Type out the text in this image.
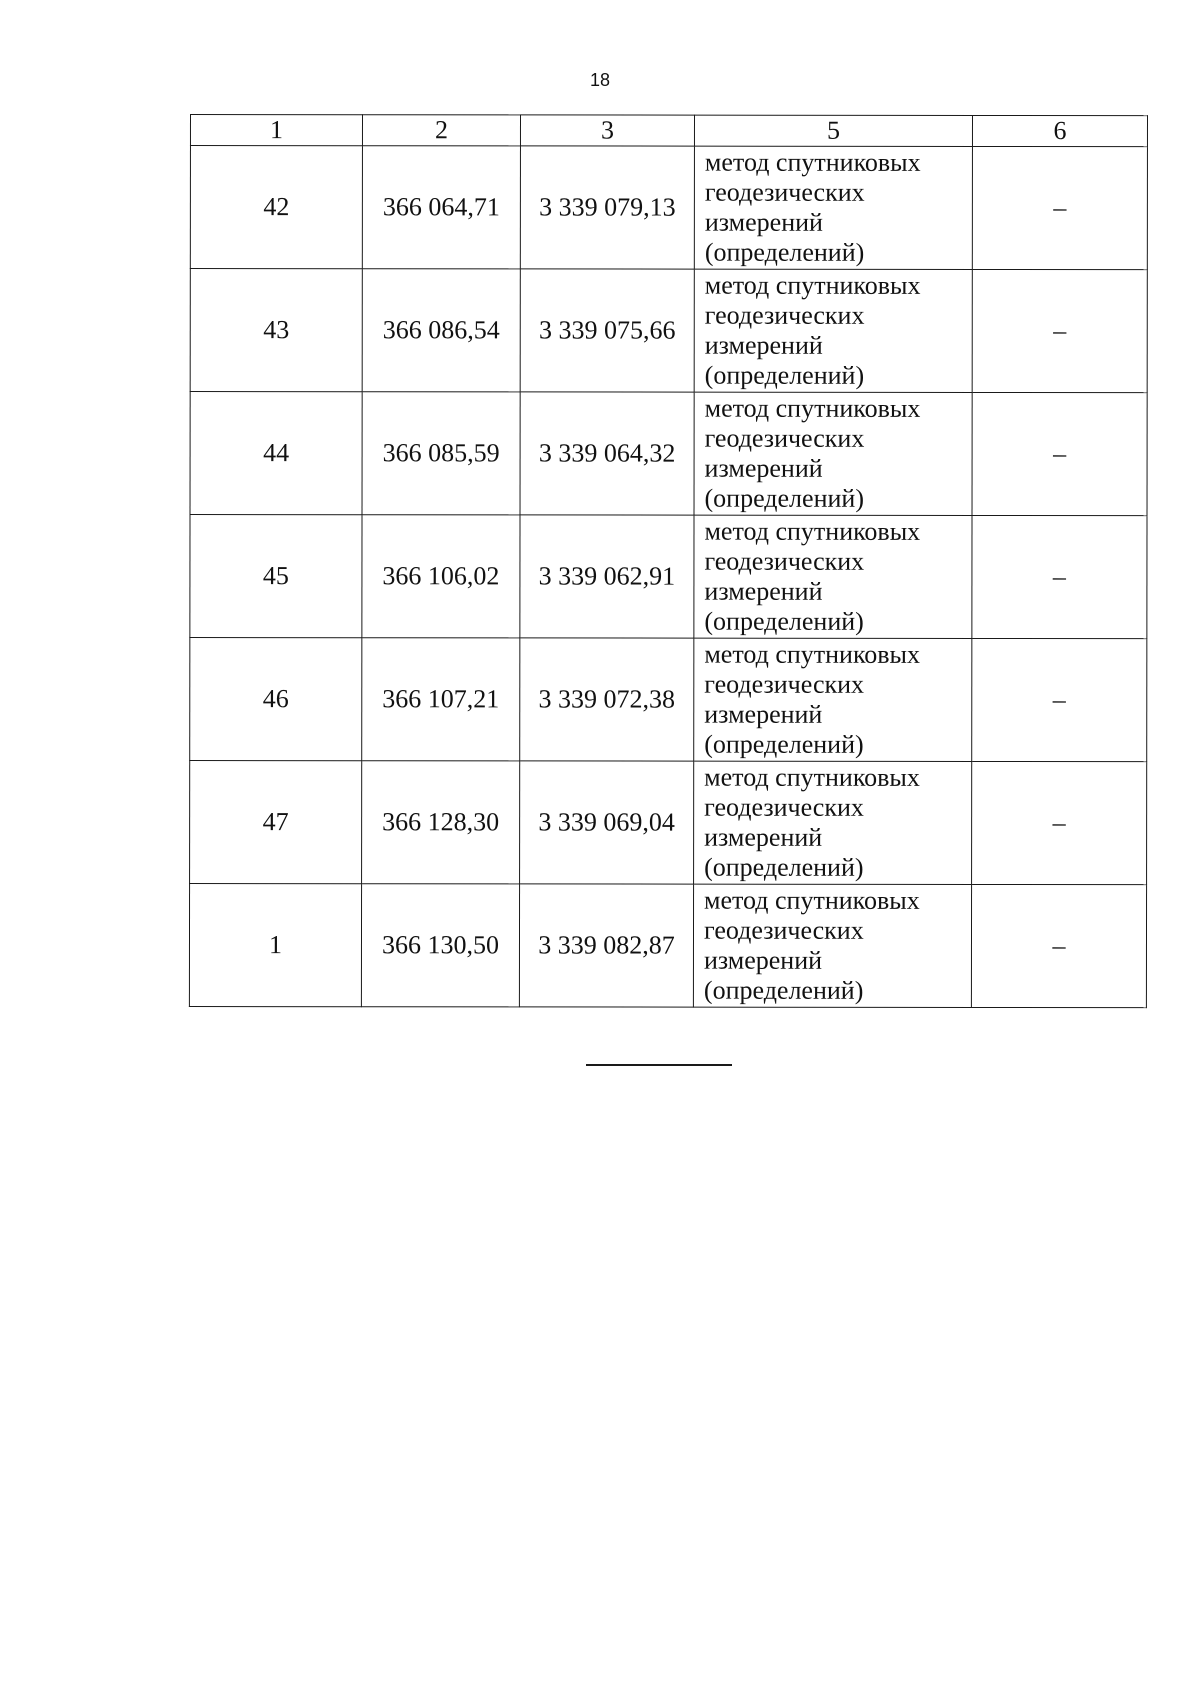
18
1	2	3	5	6
42	366 064,71	3 339 079,13	метод спутниковых
геодезических
измерений
(определений)	–
43	366 086,54	3 339 075,66	метод спутниковых
геодезических
измерений
(определений)	–
44	366 085,59	3 339 064,32	метод спутниковых
геодезических
измерений
(определений)	–
45	366 106,02	3 339 062,91	метод спутниковых
геодезических
измерений
(определений)	–
46	366 107,21	3 339 072,38	метод спутниковых
геодезических
измерений
(определений)	–
47	366 128,30	3 339 069,04	метод спутниковых
геодезических
измерений
(определений)	–
1	366 130,50	3 339 082,87	метод спутниковых
геодезических
измерений
(определений)	–
